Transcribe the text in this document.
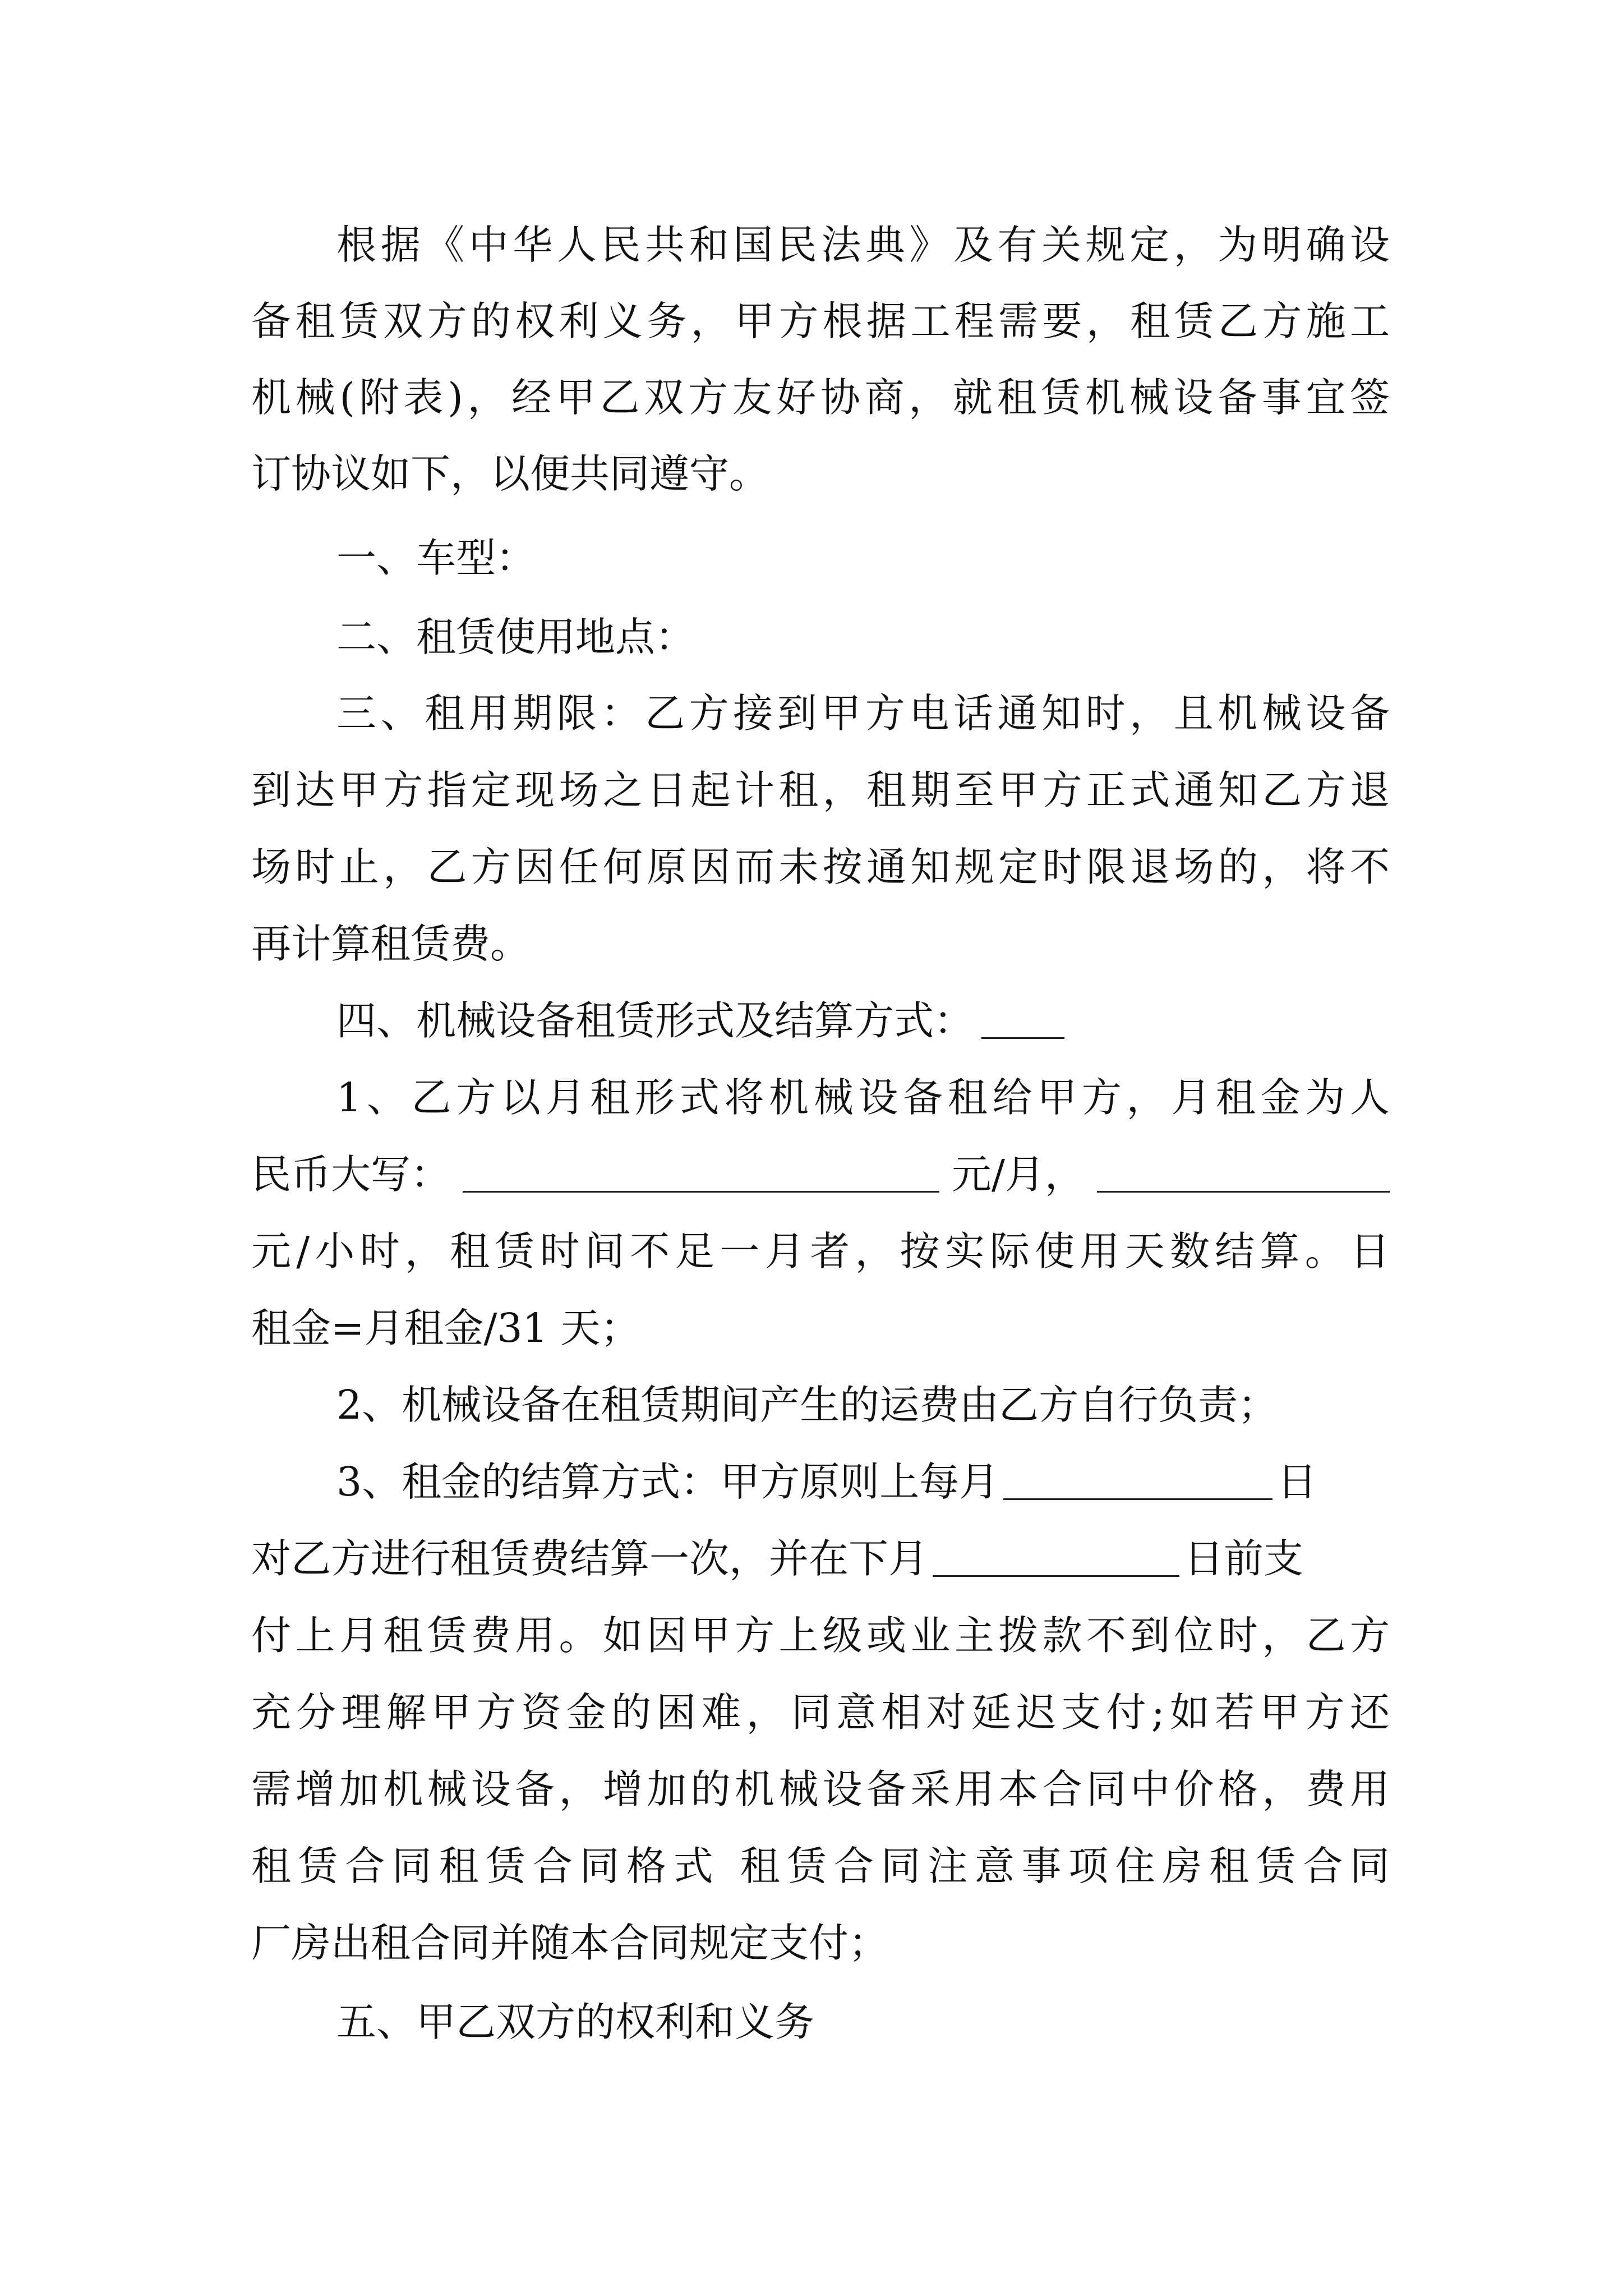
根据《中华人民共和国民法典》及有关规定，为明确设
备租赁双方的权利义务，甲方根据工程需要，租赁乙方施工
机械(附表)，经甲乙双方友好协商，就租赁机械设备事宜签
订协议如下，以便共同遵守。
一、车型：
二、租赁使用地点：
三、租用期限：乙方接到甲方电话通知时，且机械设备
到达甲方指定现场之日起计租，租期至甲方正式通知乙方退
场时止，乙方因任何原因而未按通知规定时限退场的，将不
再计算租赁费。
四、机械设备租赁形式及结算方式：
1、乙方以月租形式将机械设备租给甲方，月租金为人
民币大写：	元/月，
元/小时，租赁时间不足一月者，按实际使用天数结算。日
租金=月租金/31 天；
2、机械设备在租赁期间产生的运费由乙方自行负责；
3、租金的结算方式：甲方原则上每月	日
对乙方进行租赁费结算一次，并在下月	日前支
付上月租赁费用。如因甲方上级或业主拨款不到位时，乙方
充分理解甲方资金的困难，同意相对延迟支付;如若甲方还
需增加机械设备，增加的机械设备采用本合同中价格，费用
租赁合同租赁合同格式 租赁合同注意事项住房租赁合同
厂房出租合同并随本合同规定支付；
五、甲乙双方的权利和义务
